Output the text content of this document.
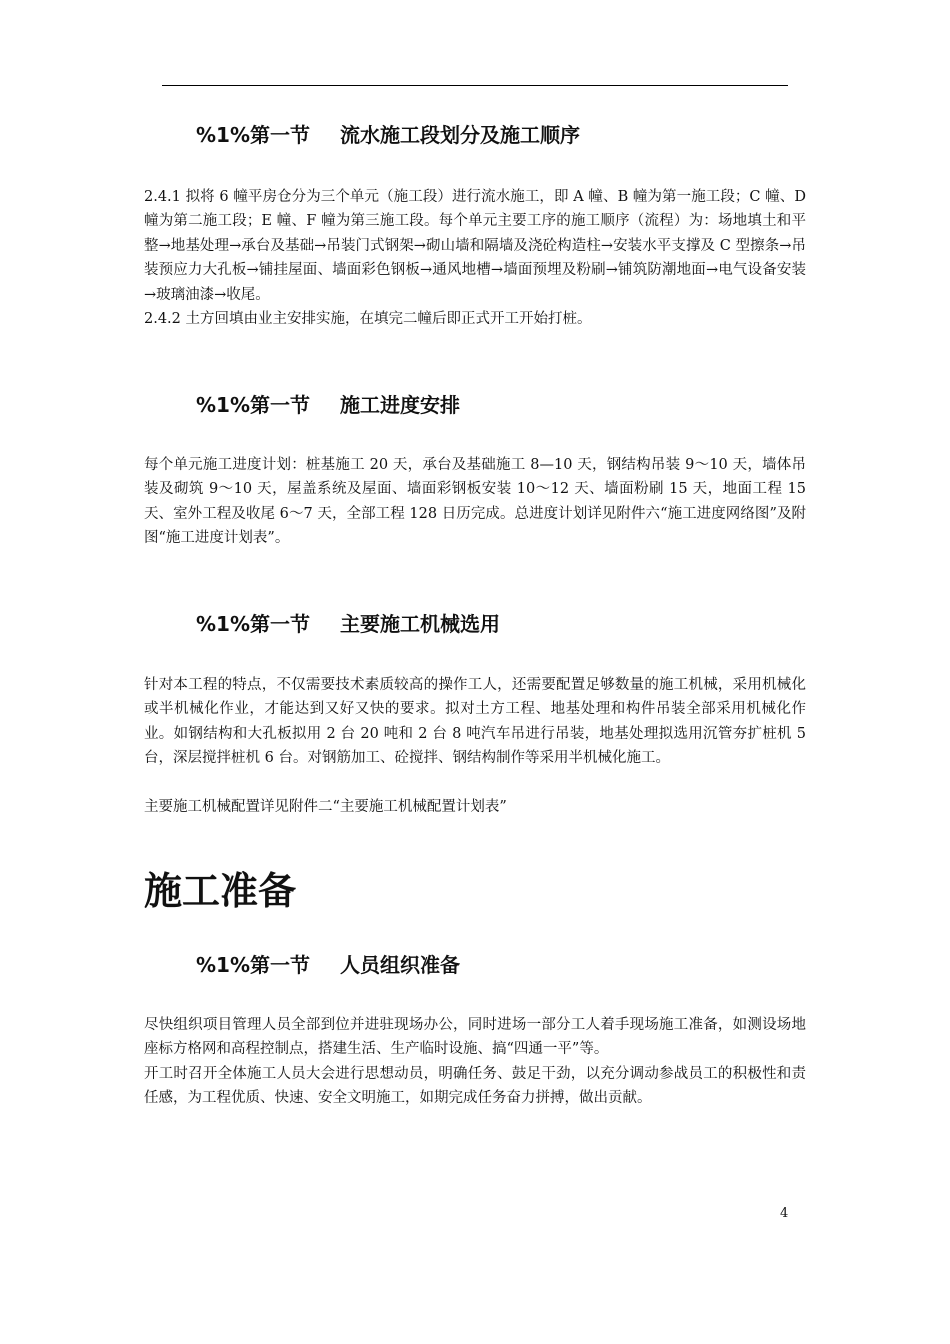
%1%第一节 流水施工段划分及施工顺序

2.4.1 拟将 6 幢平房仓分为三个单元（施工段）进行流水施工，即 A 幢、B 幢为第一施工段；C 幢、D 幢为第二施工段；E 幢、F 幢为第三施工段。每个单元主要工序的施工顺序（流程）为：场地填土和平整→地基处理→承台及基础→吊装门式钢架→砌山墙和隔墙及浇砼构造柱→安装水平支撑及 C 型擦条→吊装预应力大孔板→铺挂屋面、墙面彩色钢板→通风地槽→墙面预埋及粉刷→铺筑防潮地面→电气设备安装→玻璃油漆→收尾。

2.4.2 土方回填由业主安排实施，在填完二幢后即正式开工开始打桩。

%1%第一节 施工进度安排

每个单元施工进度计划：桩基施工 20 天，承台及基础施工 8—10 天，钢结构吊装 9～10 天，墙体吊装及砌筑 9～10 天，屋盖系统及屋面、墙面彩钢板安装 10～12 天、墙面粉刷 15 天，地面工程 15 天、室外工程及收尾 6～7 天，全部工程 128 日历完成。总进度计划详见附件六“施工进度网络图”及附图“施工进度计划表”。

%1%第一节 主要施工机械选用

针对本工程的特点，不仅需要技术素质较高的操作工人，还需要配置足够数量的施工机械，采用机械化或半机械化作业，才能达到又好又快的要求。拟对土方工程、地基处理和构件吊装全部采用机械化作业。如钢结构和大孔板拟用 2 台 20 吨和 2 台 8 吨汽车吊进行吊装，地基处理拟选用沉管夯扩桩机 5 台，深层搅拌桩机 6 台。对钢筋加工、砼搅拌、钢结构制作等采用半机械化施工。

主要施工机械配置详见附件二“主要施工机械配置计划表”

施工准备
%1%第一节 人员组织准备

尽快组织项目管理人员全部到位并进驻现场办公，同时进场一部分工人着手现场施工准备，如测设场地座标方格网和高程控制点，搭建生活、生产临时设施、搞“四通一平”等。

开工时召开全体施工人员大会进行思想动员，明确任务、鼓足干劲，以充分调动参战员工的积极性和责任感，为工程优质、快速、安全文明施工，如期完成任务奋力拼搏，做出贡献。

4
